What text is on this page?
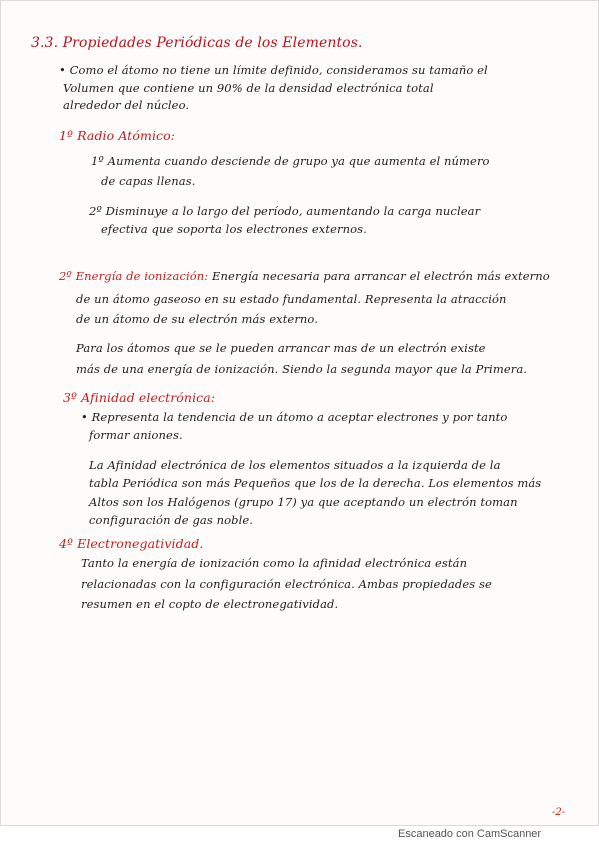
3.3. Propiedades Periódicas de los Elementos.
• Como el átomo no tiene un límite definido, consideramos su tamaño el
Volumen que contiene un 90% de la densidad electrónica total
alrededor del núcleo.
1º Radio Atómico:
1º Aumenta cuando desciende de grupo ya que aumenta el número
de capas llenas.
2º Disminuye a lo largo del período, aumentando la carga nuclear
efectiva que soporta los electrones externos.
2º Energía de ionización: Energía necesaria para arrancar el electrón más externo
de un átomo gaseoso en su estado fundamental. Representa la atracción
de un átomo de su electrón más externo.
Para los átomos que se le pueden arrancar mas de un electrón existe
más de una energía de ionización. Siendo la segunda mayor que la Primera.
3º Afinidad electrónica:
• Representa la tendencia de un átomo a aceptar electrones y por tanto
formar aniones.
La Afinidad electrónica de los elementos situados a la izquierda de la
tabla Periódica son más Pequeños que los de la derecha. Los elementos más
Altos son los Halógenos (grupo 17) ya que aceptando un electrón toman
configuración de gas noble.
4º Electronegatividad.
Tanto la energía de ionización como la afinidad electrónica están
relacionadas con la configuración electrónica. Ambas propiedades se
resumen en el copto de electronegatividad.
-2-
Escaneado con CamScanner
